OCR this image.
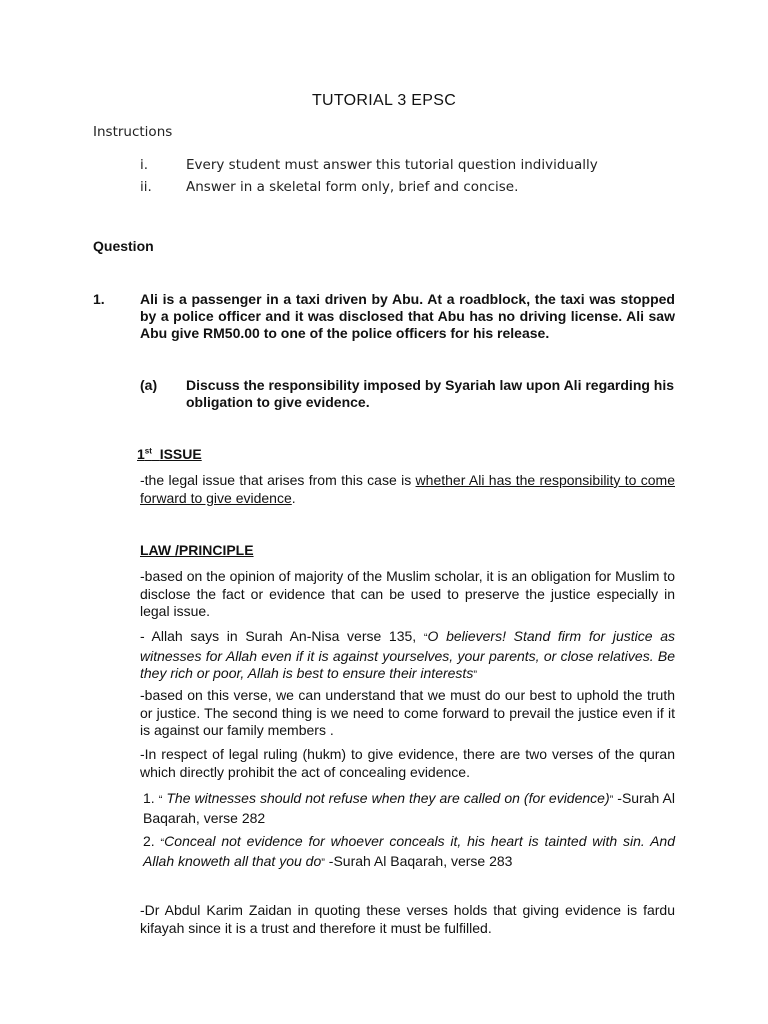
TUTORIAL 3 EPSC
Instructions
i.	Every student must answer this tutorial question individually
ii.	Answer in a skeletal form only, brief and concise.
Question
1.	Ali is a passenger in a taxi driven by Abu. At a roadblock, the taxi was stopped by a police officer and it was disclosed that Abu has no driving license. Ali saw Abu give RM50.00 to one of the police officers for his release.
(a) Discuss the responsibility imposed by Syariah law upon Ali regarding his obligation to give evidence.
1st ISSUE
-the legal issue that arises from this case is whether Ali has the responsibility to come forward to give evidence.
LAW /PRINCIPLE
-based on the opinion of majority of the Muslim scholar, it is an obligation for Muslim to disclose the fact or evidence that can be used to preserve the justice especially in legal issue.
- Allah says in Surah An-Nisa verse 135, “O believers! Stand firm for justice as witnesses for Allah even if it is against yourselves, your parents, or close relatives. Be they rich or poor, Allah is best to ensure their interests”
-based on this verse, we can understand that we must do our best to uphold the truth or justice. The second thing is we need to come forward to prevail the justice even if it is against our family members .
-In respect of legal ruling (hukm) to give evidence, there are two verses of the quran which directly prohibit the act of concealing evidence.
1. “ The witnesses should not refuse when they are called on (for evidence)” -Surah Al Baqarah, verse 282
2. “Conceal not evidence for whoever conceals it, his heart is tainted with sin. And Allah knoweth all that you do” -Surah Al Baqarah, verse 283
-Dr Abdul Karim Zaidan in quoting these verses holds that giving evidence is fardu kifayah since it is a trust and therefore it must be fulfilled.
